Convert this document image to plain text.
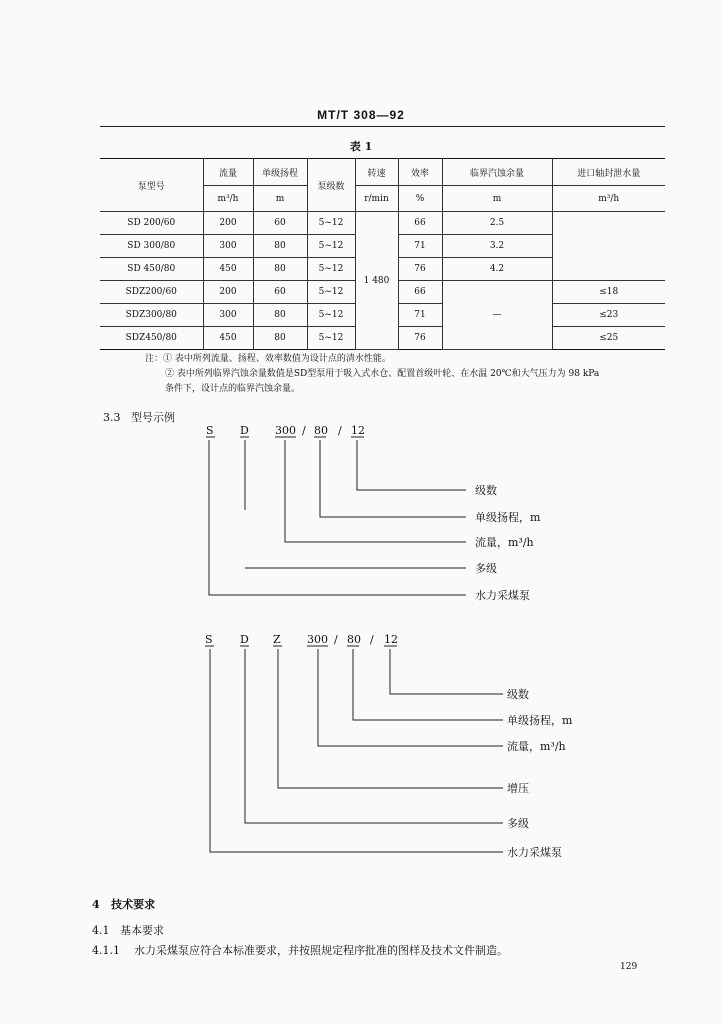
MT/T 308—92
表 1
泵型号	流量	单级扬程	泵级数	转速	效率	临界汽蚀余量	进口轴封泄水量
	m³/h	m		r/min	%	m	m³/h
SD 200/60	200	60	5~12	1 480	66	2.5	
SD 300/80	300	80	5~12		71	3.2	
SD 450/80	450	80	5~12		76	4.2	
SDZ200/60	200	60	5~12		66	—	≤18
SDZ300/80	300	80	5~12		71		≤23
SDZ450/80	450	80	5~12		76		≤25
注：① 表中所列流量、扬程、效率数值为设计点的清水性能。
② 表中所列临界汽蚀余量数值是SD型泵用于吸入式水仓、配置首级叶轮、在水温 20℃和大气压力为 98 kPa
条件下，设计点的临界汽蚀余量。
3.3 型号示例
S D 300 / 80 / 12
S D Z 300 / 80 / 12
级数
单级扬程，m
流量，m³/h
多级
水力采煤泵
级数
单级扬程，m
流量，m³/h
增压
多级
水力采煤泵
4 技术要求
4.1 基本要求
4.1.1 水力采煤泵应符合本标准要求，并按照规定程序批准的图样及技术文件制造。
129
